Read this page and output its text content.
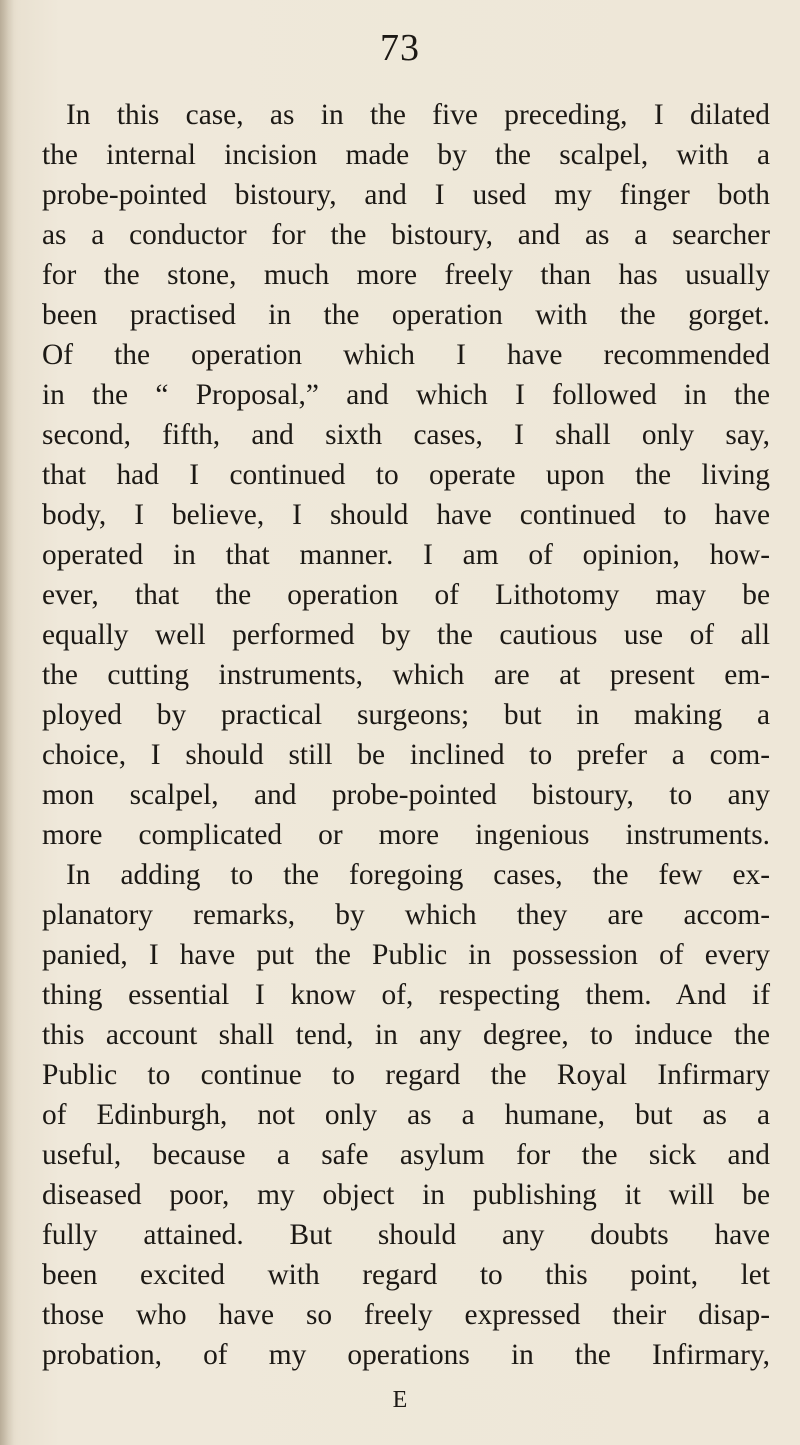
73
In this case, as in the five preceding, I dilated
the internal incision made by the scalpel, with a
probe-pointed bistoury, and I used my finger both
as a conductor for the bistoury, and as a searcher
for the stone, much more freely than has usually
been practised in the operation with the gorget.
Of the operation which I have recommended
in the “ Proposal,” and which I followed in the
second, fifth, and sixth cases, I shall only say,
that had I continued to operate upon the living
body, I believe, I should have continued to have
operated in that manner. I am of opinion, how-
ever, that the operation of Lithotomy may be
equally well performed by the cautious use of all
the cutting instruments, which are at present em-
ployed by practical surgeons; but in making a
choice, I should still be inclined to prefer a com-
mon scalpel, and probe-pointed bistoury, to any
more complicated or more ingenious instruments.
In adding to the foregoing cases, the few ex-
planatory remarks, by which they are accom-
panied, I have put the Public in possession of every
thing essential I know of, respecting them. And if
this account shall tend, in any degree, to induce the
Public to continue to regard the Royal Infirmary
of Edinburgh, not only as a humane, but as a
useful, because a safe asylum for the sick and
diseased poor, my object in publishing it will be
fully attained. But should any doubts have
been excited with regard to this point, let
those who have so freely expressed their disap-
probation, of my operations in the Infirmary,
E
